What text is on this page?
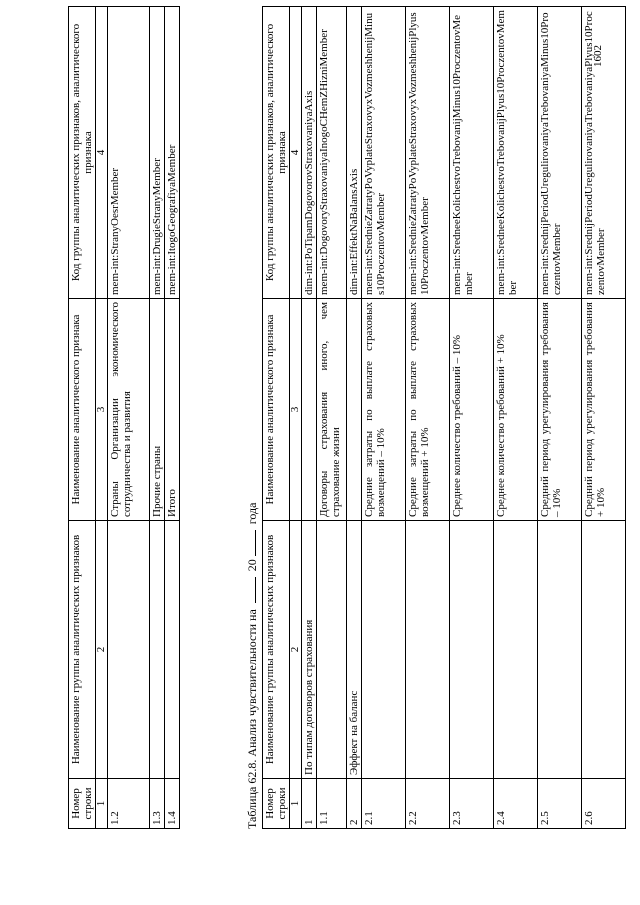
Номер строки	Наименование группы аналитических признаков	Наименование аналитического признака	Код группы аналитических признаков, аналитического признака
1	2	3	4
1.2		Страны Организации экономического сотрудничества и развития	mem-int:StranyOesrMember
1.3		Прочие страны	mem-int:DrugieStranyMember
1.4		Итого	mem-int:ItogoGeografiyaMember
Таблица 62.8. Анализ чувствительности на  20 года
Номер строки	Наименование группы аналитических признаков	Наименование аналитического признака	Код группы аналитических признаков, аналитического признака
1	2	3	4
1	По типам договоров страхования		dim-int:PoTipamDogovorovStraxovaniyaAxis
1.1		Договоры страхования иного, чем страхование жизни	mem-int:DogovoryStraxovaniyaInogoCHemZHizniMember
2	Эффект на баланс		dim-int:EffektNaBalansAxis
2.1		Средние затраты по выплате страховых возмещений – 10%	mem-int:SrednieZatratyPoVyplateStraxovyxVozmeshhenijMinus10ProczentovMember
2.2		Средние затраты по выплате страховых возмещений + 10%	mem-int:SrednieZatratyPoVyplateStraxovyxVozmeshhenijPlyus10ProczentovMember
2.3		Среднее количество требований – 10%	mem-int:SredneeKolichestvoTrebovanijMinus10ProczentovMember
2.4		Среднее количество требований + 10%	mem-int:SredneeKolichestvoTrebovanijPlyus10ProczentovMember
2.5		Средний период урегулирования требования – 10%	mem-int:SrednijPeriodUregulirovaniyaTrebovaniyaMinus10ProczentovMember
2.6		Средний период урегулирования требования + 10%	mem-int:SrednijPeriodUregulirovaniyaTrebovaniyaPlyus10ProczentovMember
1602
